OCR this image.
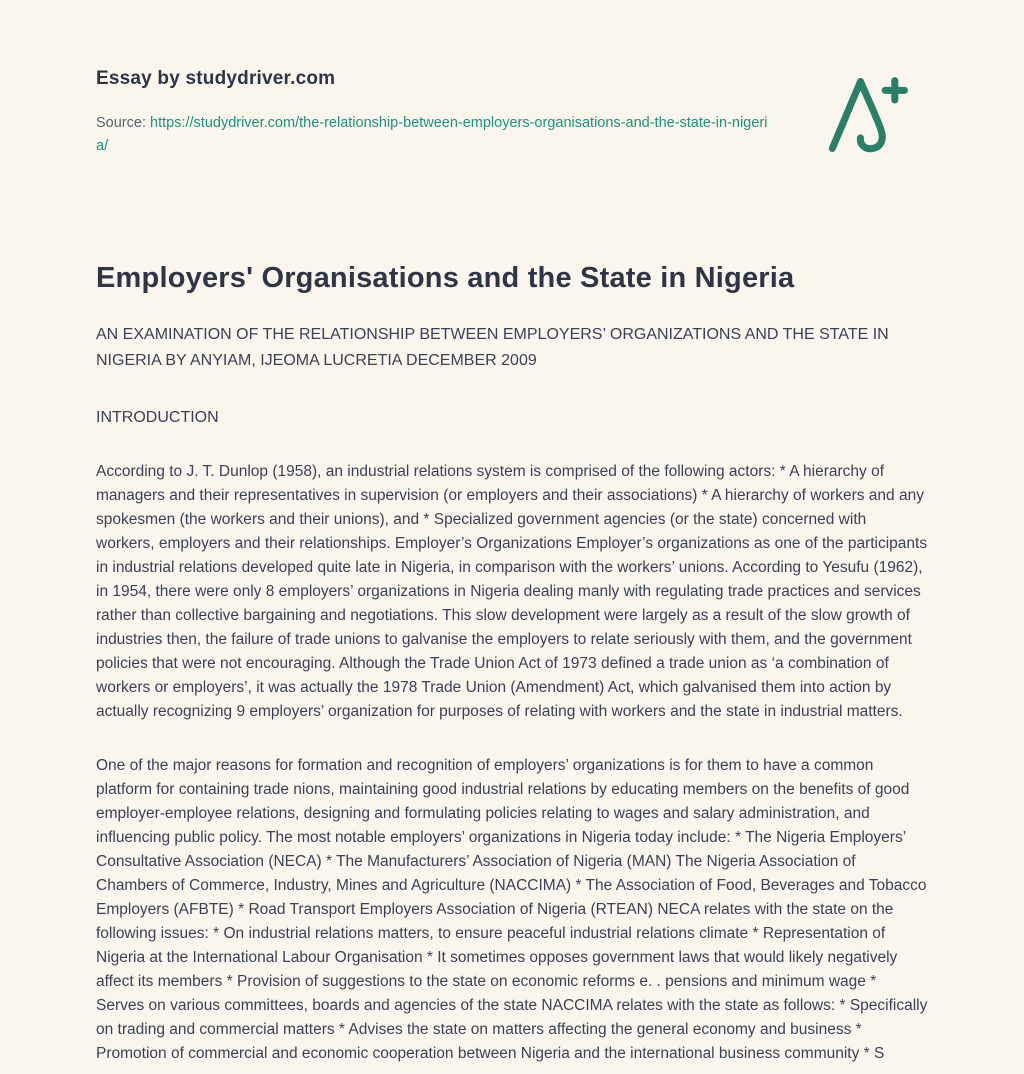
Essay by studydriver.com
Source: https://studydriver.com/the-relationship-between-employers-organisations-and-the-state-in-nigeria/
Employers' Organisations and the State in Nigeria
AN EXAMINATION OF THE RELATIONSHIP BETWEEN EMPLOYERS’ ORGANIZATIONS AND THE STATE IN NIGERIA BY ANYIAM, IJEOMA LUCRETIA DECEMBER 2009
INTRODUCTION

According to J. T. Dunlop (1958), an industrial relations system is comprised of the following actors: * A hierarchy of managers and their representatives in supervision (or employers and their associations) * A hierarchy of workers and any spokesmen (the workers and their unions), and * Specialized government agencies (or the state) concerned with workers, employers and their relationships. Employer’s Organizations Employer’s organizations as one of the participants in industrial relations developed quite late in Nigeria, in comparison with the workers’ unions. According to Yesufu (1962), in 1954, there were only 8 employers’ organizations in Nigeria dealing manly with regulating trade practices and services rather than collective bargaining and negotiations. This slow development were largely as a result of the slow growth of industries then, the failure of trade unions to galvanise the employers to relate seriously with them, and the government policies that were not encouraging. Although the Trade Union Act of 1973 defined a trade union as ‘a combination of workers or employers’, it was actually the 1978 Trade Union (Amendment) Act, which galvanised them into action by actually recognizing 9 employers’ organization for purposes of relating with workers and the state in industrial matters.

One of the major reasons for formation and recognition of employers’ organizations is for them to have a common platform for containing trade nions, maintaining good industrial relations by educating members on the benefits of good employer-employee relations, designing and formulating policies relating to wages and salary administration, and influencing public policy. The most notable employers’ organizations in Nigeria today include: * The Nigeria Employers’ Consultative Association (NECA) * The Manufacturers’ Association of Nigeria (MAN) The Nigeria Association of Chambers of Commerce, Industry, Mines and Agriculture (NACCIMA) * The Association of Food, Beverages and Tobacco Employers (AFBTE) * Road Transport Employers Association of Nigeria (RTEAN) NECA relates with the state on the following issues: * On industrial relations matters, to ensure peaceful industrial relations climate * Representation of Nigeria at the International Labour Organisation * It sometimes opposes government laws that would likely negatively affect its members * Provision of suggestions to the state on economic reforms e. . pensions and minimum wage * Serves on various committees, boards and agencies of the state NACCIMA relates with the state as follows: * Specifically on trading and commercial matters * Advises the state on matters affecting the general economy and business * Promotion of commercial and economic cooperation between Nigeria and the international business community * S
